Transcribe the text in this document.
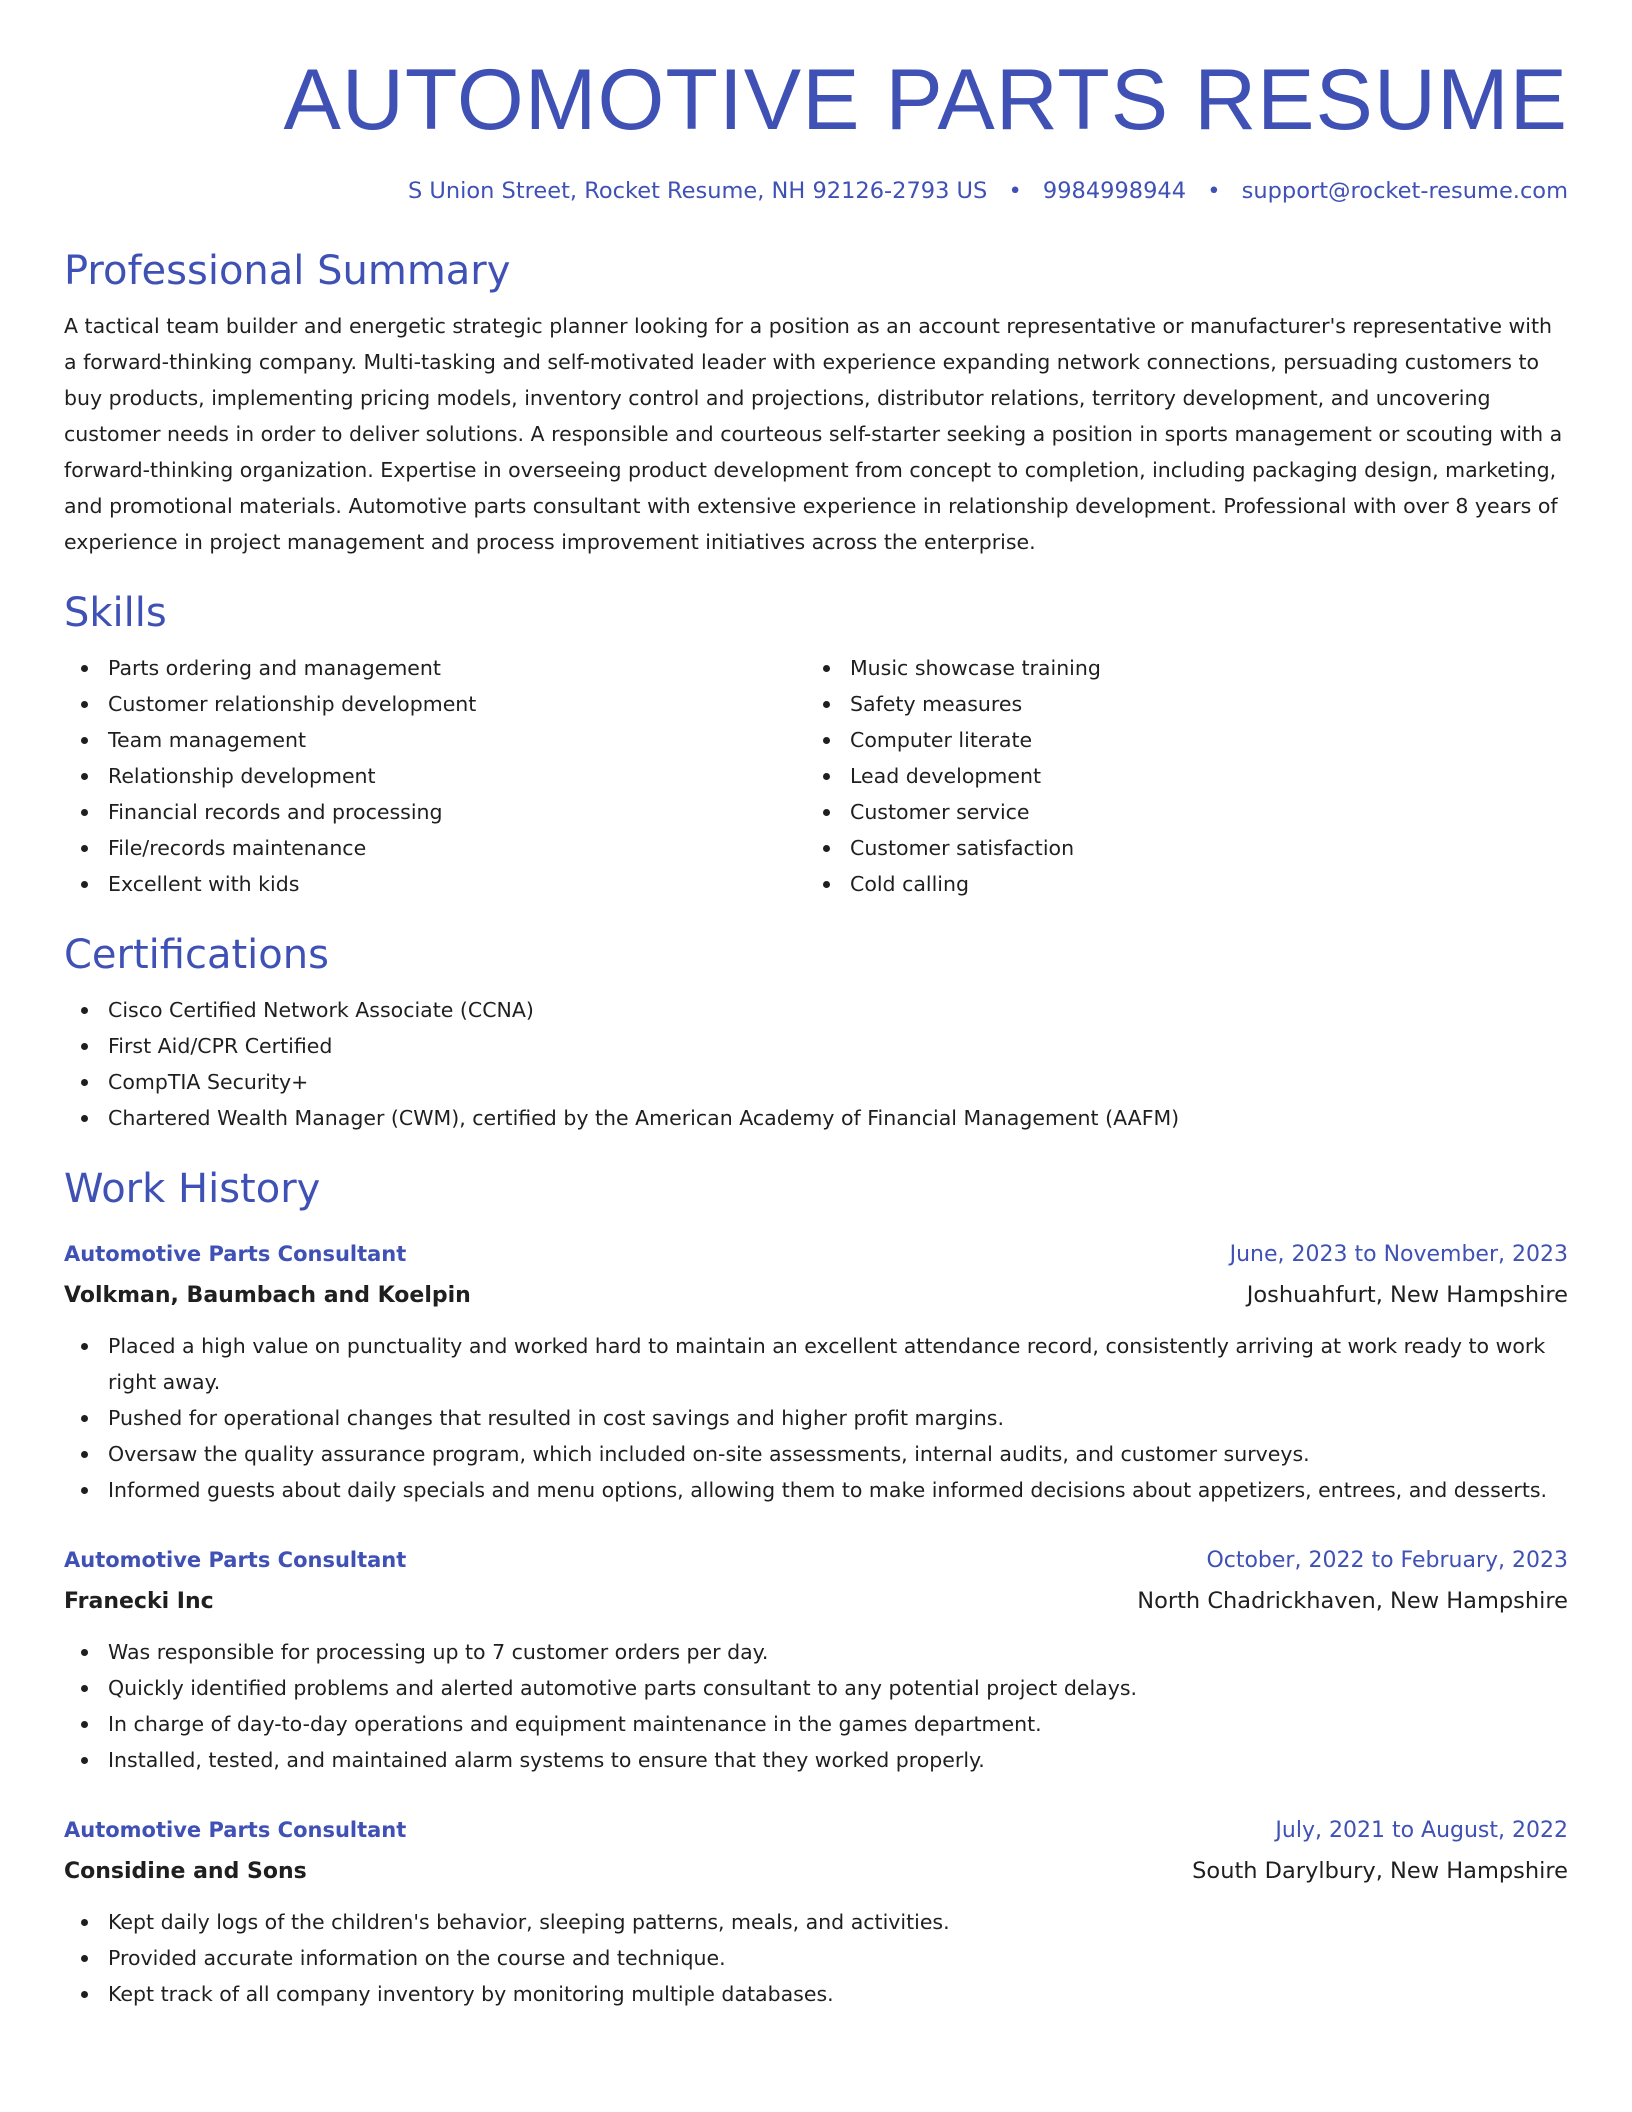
AUTOMOTIVE PARTS RESUME
S Union Street, Rocket Resume, NH 92126-2793 US • 9984998944 • support@rocket-resume.com
Professional Summary

A tactical team builder and energetic strategic planner looking for a position as an account representative or manufacturer's representative with a forward-thinking company. Multi-tasking and self-motivated leader with experience expanding network connections, persuading customers to buy products, implementing pricing models, inventory control and projections, distributor relations, territory development, and uncovering customer needs in order to deliver solutions. A responsible and courteous self-starter seeking a position in sports management or scouting with a forward-thinking organization. Expertise in overseeing product development from concept to completion, including packaging design, marketing, and promotional materials. Automotive parts consultant with extensive experience in relationship development. Professional with over 8 years of experience in project management and process improvement initiatives across the enterprise.

Skills
Parts ordering and management
Customer relationship development
Team management
Relationship development
Financial records and processing
File/records maintenance
Excellent with kids
Music showcase training
Safety measures
Computer literate
Lead development
Customer service
Customer satisfaction
Cold calling
Certifications
Cisco Certified Network Associate (CCNA)
First Aid/CPR Certified
CompTIA Security+
Chartered Wealth Manager (CWM), certified by the American Academy of Financial Management (AAFM)
Work History
Automotive Parts Consultant	June, 2023 to November, 2023
Volkman, Baumbach and Koelpin	Joshuahfurt, New Hampshire
Placed a high value on punctuality and worked hard to maintain an excellent attendance record, consistently arriving at work ready to work right away.
Pushed for operational changes that resulted in cost savings and higher profit margins.
Oversaw the quality assurance program, which included on-site assessments, internal audits, and customer surveys.
Informed guests about daily specials and menu options, allowing them to make informed decisions about appetizers, entrees, and desserts.
Automotive Parts Consultant	October, 2022 to February, 2023
Franecki Inc	North Chadrickhaven, New Hampshire
Was responsible for processing up to 7 customer orders per day.
Quickly identified problems and alerted automotive parts consultant to any potential project delays.
In charge of day-to-day operations and equipment maintenance in the games department.
Installed, tested, and maintained alarm systems to ensure that they worked properly.
Automotive Parts Consultant	July, 2021 to August, 2022
Considine and Sons	South Darylbury, New Hampshire
Kept daily logs of the children's behavior, sleeping patterns, meals, and activities.
Provided accurate information on the course and technique.
Kept track of all company inventory by monitoring multiple databases.
